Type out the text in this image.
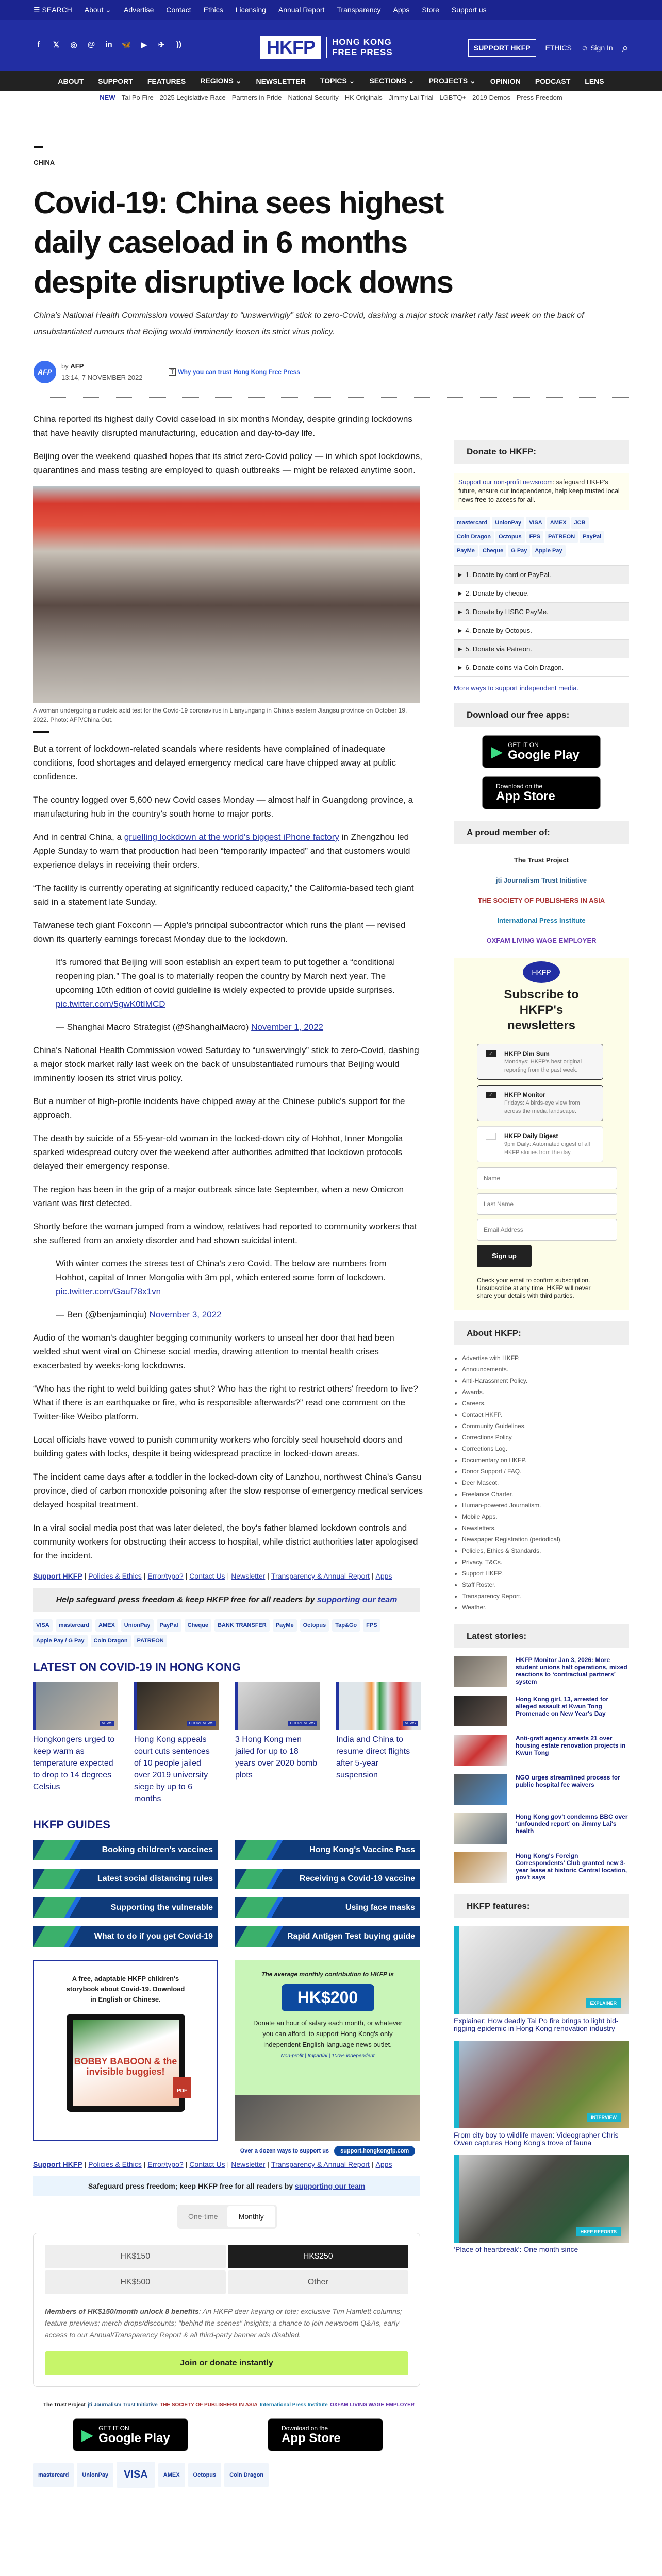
☰ SEARCH About ⌄ Advertise Contact Ethics Licensing Annual Report Transparency Apps Store Support us
f	𝕏 ◎ @ in 🦋 ▶ ✈	))	HKFP	HONG KONG
FREE PRESS	SUPPORT HKFP	ETHICS ☺ Sign In ⌕
ABOUT SUPPORT FEATURES REGIONS ⌄ NEWSLETTER TOPICS ⌄ SECTIONS ⌄ PROJECTS ⌄ OPINION PODCAST LENS
NEW Tai Po Fire 2025 Legislative Race Partners in Pride National Security HK Originals Jimmy Lai Trial LGBTQ+ 2019 Demos Press Freedom
CHINA
Covid-19: China sees highest daily caseload in 6 months despite disruptive lock downs
China's National Health Commission vowed Saturday to “unswervingly” stick to zero-Covid, dashing a major stock market rally last week on the back of unsubstantiated rumours that Beijing would imminently loosen its strict virus policy.
AFP
by AFP
13:14, 7 NOVEMBER 2022
T Why you can trust Hong Kong Free Press

China reported its highest daily Covid caseload in six months Monday, despite grinding lockdowns that have heavily disrupted manufacturing, education and day-to-day life.

Beijing over the weekend quashed hopes that its strict zero-Covid policy — in which spot lockdowns, quarantines and mass testing are employed to quash outbreaks — might be relaxed anytime soon.

A woman undergoing a nucleic acid test for the Covid-19 coronavirus in Lianyungang in China's eastern Jiangsu province on October 19, 2022. Photo: AFP/China Out.

But a torrent of lockdown-related scandals where residents have complained of inadequate conditions, food shortages and delayed emergency medical care have chipped away at public confidence.

The country logged over 5,600 new Covid cases Monday — almost half in Guangdong province, a manufacturing hub in the country's south home to major ports.

And in central China, a gruelling lockdown at the world's biggest iPhone factory in Zhengzhou led Apple Sunday to warn that production had been “temporarily impacted” and that customers would experience delays in receiving their orders.

“The facility is currently operating at significantly reduced capacity,” the California-based tech giant said in a statement late Sunday.

Taiwanese tech giant Foxconn — Apple's principal subcontractor which runs the plant — revised down its quarterly earnings forecast Monday due to the lockdown.

It's rumored that Beijing will soon establish an expert team to put together a “conditional reopening plan.” The goal is to materially reopen the country by March next year. The upcoming 10th edition of covid guideline is widely expected to provide upside surprises. pic.twitter.com/5gwK0tIMCD

— Shanghai Macro Strategist (@ShanghaiMacro) November 1, 2022

China's National Health Commission vowed Saturday to “unswervingly” stick to zero-Covid, dashing a major stock market rally last week on the back of unsubstantiated rumours that Beijing would imminently loosen its strict virus policy.

But a number of high-profile incidents have chipped away at the Chinese public's support for the approach.

The death by suicide of a 55-year-old woman in the locked-down city of Hohhot, Inner Mongolia sparked widespread outcry over the weekend after authorities admitted that lockdown protocols delayed their emergency response.

The region has been in the grip of a major outbreak since late September, when a new Omicron variant was first detected.

Shortly before the woman jumped from a window, relatives had reported to community workers that she suffered from an anxiety disorder and had shown suicidal intent.

With winter comes the stress test of China's zero Covid. The below are numbers from Hohhot, capital of Inner Mongolia with 3m ppl, which entered some form of lockdown. pic.twitter.com/Gauf78x1vn

— Ben (@benjaminqiu) November 3, 2022

Audio of the woman's daughter begging community workers to unseal her door that had been welded shut went viral on Chinese social media, drawing attention to mental health crises exacerbated by weeks-long lockdowns.

“Who has the right to weld building gates shut? Who has the right to restrict others' freedom to live? What if there is an earthquake or fire, who is responsible afterwards?” read one comment on the Twitter-like Weibo platform.

Local officials have vowed to punish community workers who forcibly seal household doors and building gates with locks, despite it being widespread practice in locked-down areas.

The incident came days after a toddler in the locked-down city of Lanzhou, northwest China's Gansu province, died of carbon monoxide poisoning after the slow response of emergency medical services delayed hospital treatment.

In a viral social media post that was later deleted, the boy's father blamed lockdown controls and community workers for obstructing their access to hospital, while district authorities later apologised for the incident.

Support HKFP | Policies & Ethics | Error/typo? | Contact Us | Newsletter | Transparency & Annual Report | Apps
Help safeguard press freedom & keep HKFP free for all readers by supporting our team
VISA	mastercard	AMEX	UnionPay	PayPal	Cheque	BANK TRANSFER	PayMe	Octopus	Tap&Go	FPS
Apple Pay / G Pay	Coin Dragon	PATREON
LATEST ON COVID-19 IN HONG KONG
NEWS
Hongkongers urged to keep warm as temperature expected to drop to 14 degrees Celsius
COURT NEWS
Hong Kong appeals court cuts sentences of 10 people jailed over 2019 university siege by up to 6 months
COURT NEWS
3 Hong Kong men jailed for up to 18 years over 2020 bomb plots
NEWS
India and China to resume direct flights after 5-year suspension
HKFP GUIDES
Booking children's vaccines	Hong Kong's Vaccine Pass
Latest social distancing rules	Receiving a Covid-19 vaccine
Supporting the vulnerable	Using face masks
What to do if you get Covid-19	Rapid Antigen Test buying guide
A free, adaptable HKFP children's storybook about Covid-19. Download in English or Chinese.
BOBBY BABOON & the invisible buggies!
PDF
The average monthly contribution to HKFP is
HK$200
Donate an hour of salary each month, or whatever you can afford, to support Hong Kong's only independent English-language news outlet.
Non-profit | Impartial | 100% independent
Over a dozen ways to support us	support.hongkongfp.com
Support HKFP | Policies & Ethics | Error/typo? | Contact Us | Newsletter | Transparency & Annual Report | Apps
Safeguard press freedom; keep HKFP free for all readers by supporting our team
One-time	Monthly
HK$150	HK$250
HK$500	Other
Members of HK$150/month unlock 8 benefits: An HKFP deer keyring or tote; exclusive Tim Hamlett columns; feature previews; merch drops/discounts; "behind the scenes" insights; a chance to join newsroom Q&As, early access to our Annual/Transparency Report & all third-party banner ads disabled.
Join or donate instantly
The Trust Project jti Journalism Trust Initiative THE SOCIETY OF PUBLISHERS IN ASIA International Press Institute OXFAM LIVING WAGE EMPLOYER
▶ GET IT ON
Google Play
Download on the
App Store
mastercard	UnionPay	VISA	AMEX	Octopus	Coin Dragon
Donate to HKFP:
Support our non-profit newsroom: safeguard HKFP's future, ensure our independence, help keep trusted local news free-to-access for all.
mastercard	UnionPay	VISA	AMEX	JCB
Coin Dragon	Octopus	FPS	PATREON	PayPal
PayMe	Cheque	G Pay	Apple Pay
► 1. Donate by card or PayPal.
► 2. Donate by cheque.
► 3. Donate by HSBC PayMe.
► 4. Donate by Octopus.
► 5. Donate via Patreon.
► 6. Donate coins via Coin Dragon.
More ways to support independent media.
Download our free apps:
▶ GET IT ON
Google Play
Download on the
App Store
A proud member of:
The Trust Project
jti Journalism Trust Initiative
THE SOCIETY OF PUBLISHERS IN ASIA
International Press Institute
OXFAM LIVING WAGE EMPLOYER
HKFP
Subscribe to HKFP's newsletters
✓	HKFP Dim Sum
Mondays: HKFP's best original reporting from the past week.
✓	HKFP Monitor
Fridays: A birds-eye view from across the media landscape.
HKFP Daily Digest
9pm Daily: Automated digest of all HKFP stories from the day.
Name
Last Name
Email Address
Sign up
Check your email to confirm subscription. Unsubscribe at any time. HKFP will never share your details with third parties.
About HKFP:
• Advertise with HKFP.
• Announcements.
• Anti-Harassment Policy.
• Awards.
• Careers.
• Contact HKFP.
• Community Guidelines.
• Corrections Policy.
• Corrections Log.
• Documentary on HKFP.
• Donor Support / FAQ.
• Deer Mascot.
• Freelance Charter.
• Human-powered Journalism.
• Mobile Apps.
• Newsletters.
• Newspaper Registration (periodical).
• Policies, Ethics & Standards.
• Privacy, T&Cs.
• Support HKFP.
• Staff Roster.
• Transparency Report.
• Weather.
Latest stories:
HKFP Monitor Jan 3, 2026: More student unions halt operations, mixed reactions to ‘contractual partners’ system
Hong Kong girl, 13, arrested for alleged assault at Kwun Tong Promenade on New Year's Day
Anti-graft agency arrests 21 over housing estate renovation projects in Kwun Tong
NGO urges streamlined process for public hospital fee waivers
Hong Kong gov't condemns BBC over ‘unfounded report’ on Jimmy Lai's health
Hong Kong's Foreign Correspondents' Club granted new 3-year lease at historic Central location, gov't says
HKFP features:
EXPLAINER
Explainer: How deadly Tai Po fire brings to light bid-rigging epidemic in Hong Kong renovation industry
INTERVIEW
From city boy to wildlife maven: Videographer Chris Owen captures Hong Kong's trove of fauna
HKFP REPORTS
‘Place of heartbreak’: One month since
